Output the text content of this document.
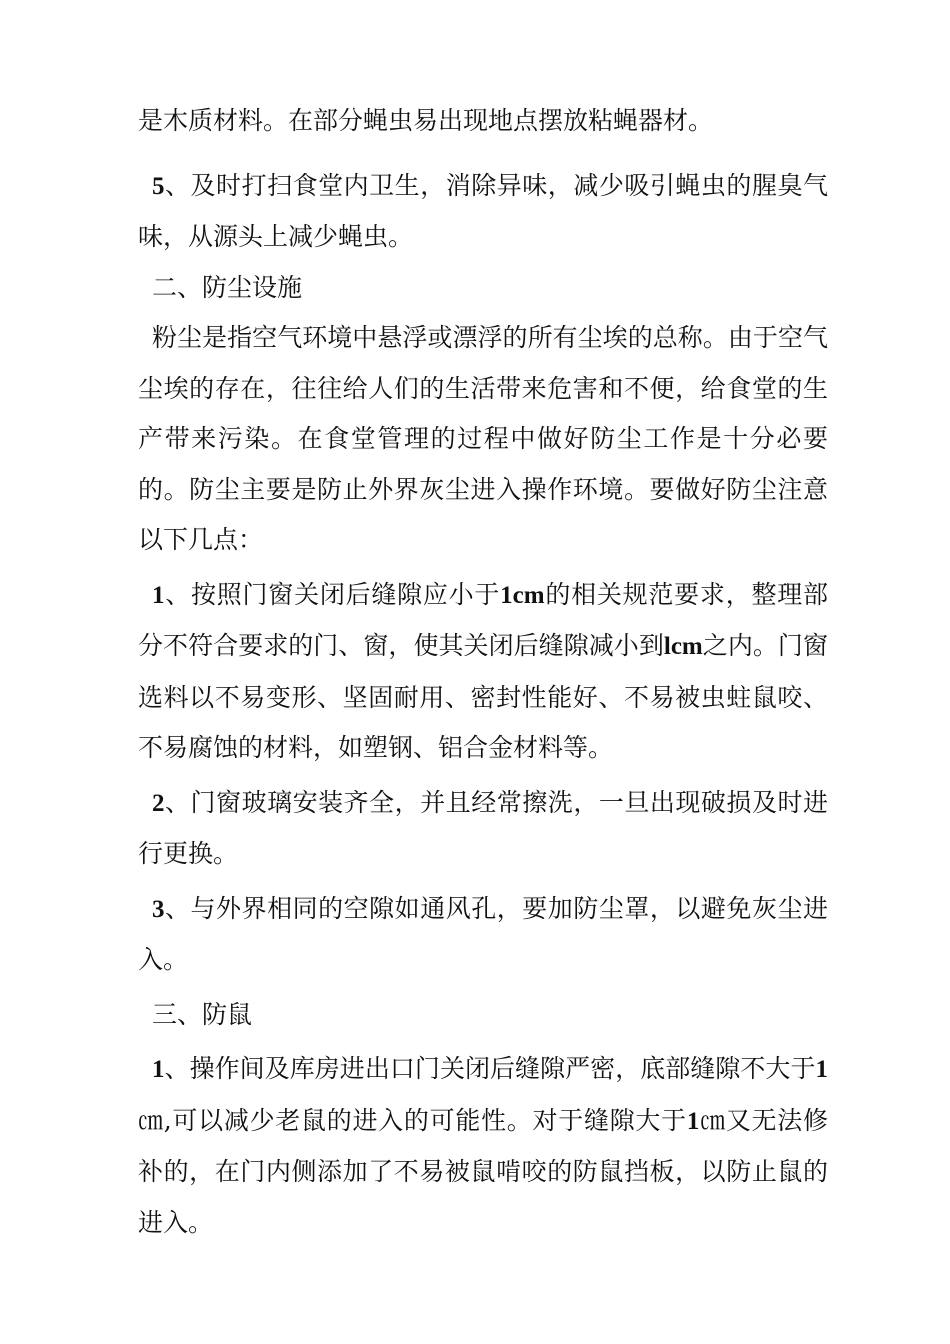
是木质材料。在部分蝇虫易出现地点摆放粘蝇器材。

5、及时打扫食堂内卫生，消除异味，减少吸引蝇虫的腥臭气味，从源头上减少蝇虫。

二、防尘设施

粉尘是指空气环境中悬浮或漂浮的所有尘埃的总称。由于空气尘埃的存在，往往给人们的生活带来危害和不便，给食堂的生产带来污染。在食堂管理的过程中做好防尘工作是十分必要的。防尘主要是防止外界灰尘进入操作环境。要做好防尘注意以下几点：

1、按照门窗关闭后缝隙应小于1cm的相关规范要求，整理部分不符合要求的门、窗，使其关闭后缝隙减小到lcm之内。门窗选料以不易变形、坚固耐用、密封性能好、不易被虫蛀鼠咬、不易腐蚀的材料，如塑钢、铝合金材料等。

2、门窗玻璃安装齐全，并且经常擦洗，一旦出现破损及时进行更换。

3、与外界相同的空隙如通风孔，要加防尘罩，以避免灰尘进入。

三、防鼠

1、操作间及库房进出口门关闭后缝隙严密，底部缝隙不大于1㎝,可以减少老鼠的进入的可能性。对于缝隙大于1㎝又无法修补的，在门内侧添加了不易被鼠啃咬的防鼠挡板，以防止鼠的进入。
